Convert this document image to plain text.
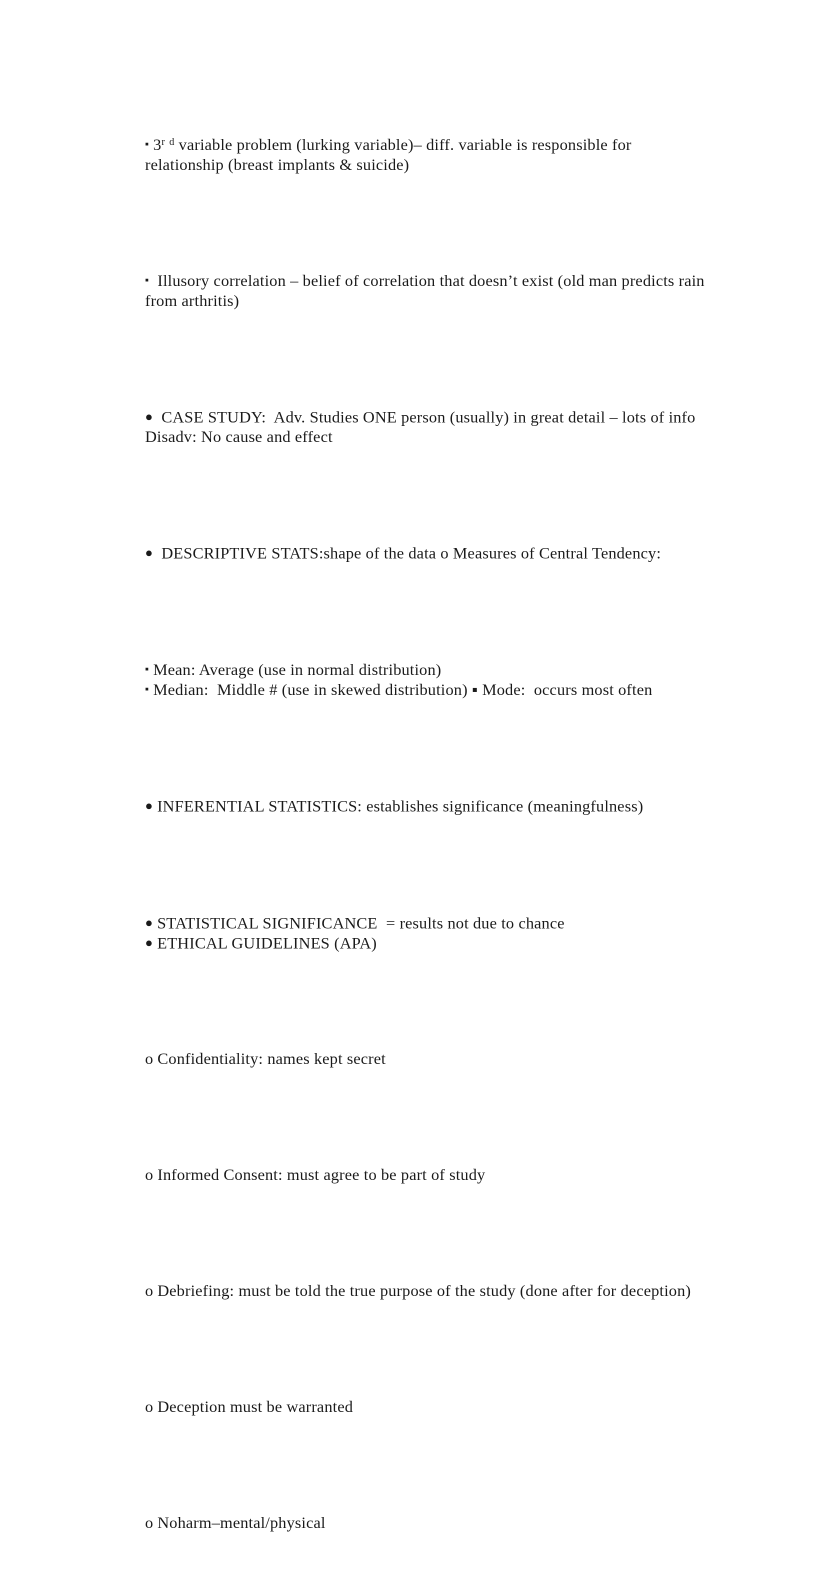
▪ 3$^r$ $^d$ variable problem (lurking variable)– diff. variable is responsible for
relationship (breast implants & suicide)

▪ Illusory correlation – belief of correlation that doesn’t exist (old man predicts rain
from arthritis)

● CASE STUDY:  Adv. Studies ONE person (usually) in great detail – lots of info
Disadv: No cause and effect

● DESCRIPTIVE STATS:shape of the data o Measures of Central Tendency:

▪ Mean: Average (use in normal distribution)
▪ Median:  Middle # (use in skewed distribution) ▪ Mode:  occurs most often

● INFERENTIAL STATISTICS: establishes significance (meaningfulness)

● STATISTICAL SIGNIFICANCE  = results not due to chance
● ETHICAL GUIDELINES (APA)

o Confidentiality: names kept secret

o Informed Consent: must agree to be part of study

o Debriefing: must be told the true purpose of the study (done after for deception)

o Deception must be warranted

o Noharm–mental/physical
